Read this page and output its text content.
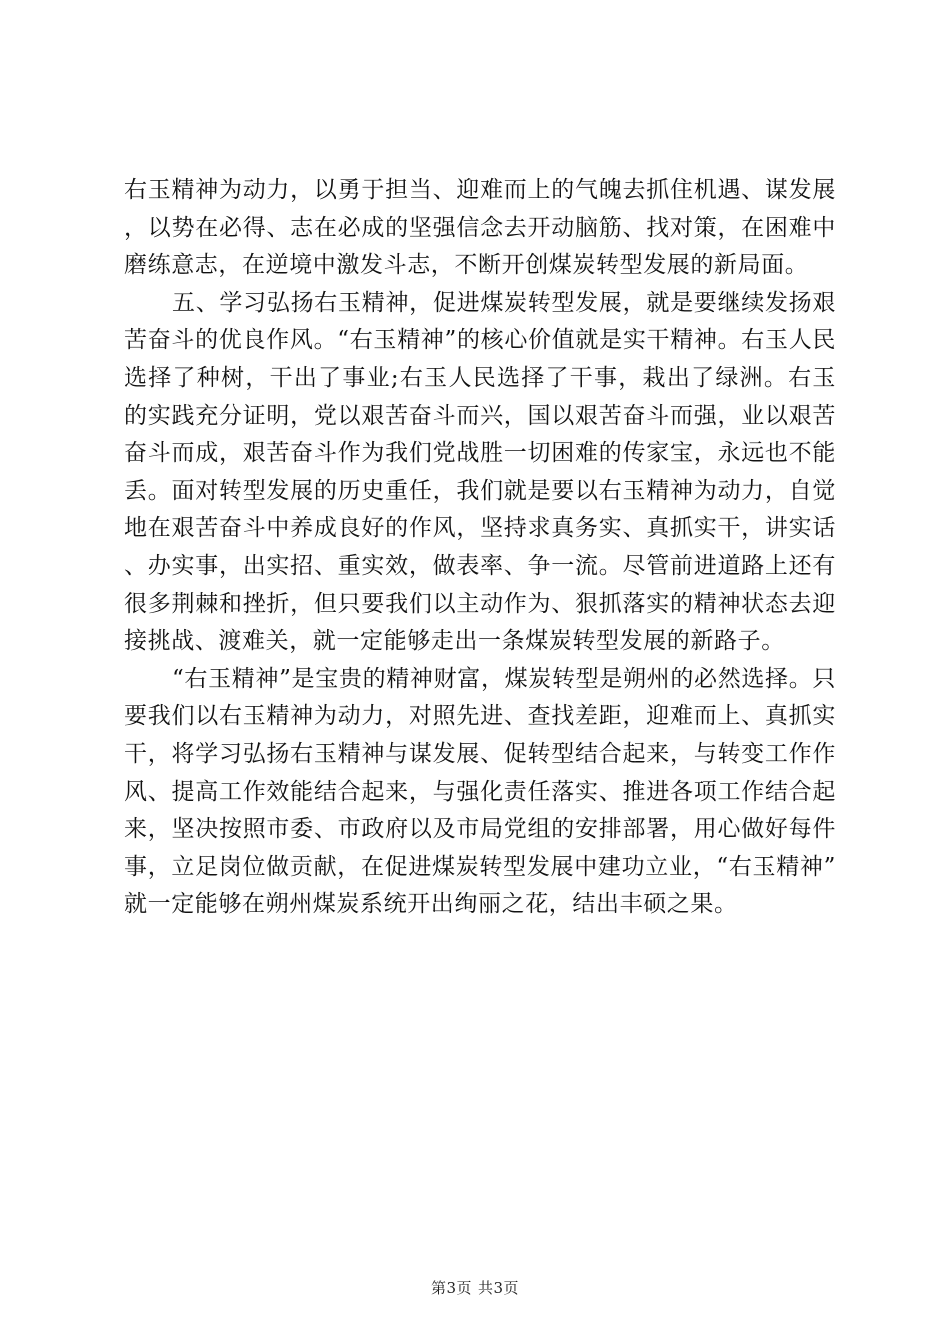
右玉精神为动力，以勇于担当、迎难而上的气魄去抓住机遇、谋发展，以势在必得、志在必成的坚强信念去开动脑筋、找对策，在困难中磨练意志，在逆境中激发斗志，不断开创煤炭转型发展的新局面。

五、学习弘扬右玉精神，促进煤炭转型发展，就是要继续发扬艰苦奋斗的优良作风。“右玉精神”的核心价值就是实干精神。右玉人民选择了种树，干出了事业;右玉人民选择了干事，栽出了绿洲。右玉的实践充分证明，党以艰苦奋斗而兴，国以艰苦奋斗而强，业以艰苦奋斗而成，艰苦奋斗作为我们党战胜一切困难的传家宝，永远也不能丢。面对转型发展的历史重任，我们就是要以右玉精神为动力，自觉地在艰苦奋斗中养成良好的作风，坚持求真务实、真抓实干，讲实话、办实事，出实招、重实效，做表率、争一流。尽管前进道路上还有很多荆棘和挫折，但只要我们以主动作为、狠抓落实的精神状态去迎接挑战、渡难关，就一定能够走出一条煤炭转型发展的新路子。

“右玉精神”是宝贵的精神财富，煤炭转型是朔州的必然选择。只要我们以右玉精神为动力，对照先进、查找差距，迎难而上、真抓实干，将学习弘扬右玉精神与谋发展、促转型结合起来，与转变工作作风、提高工作效能结合起来，与强化责任落实、推进各项工作结合起来，坚决按照市委、市政府以及市局党组的安排部署，用心做好每件事，立足岗位做贡献，在促进煤炭转型发展中建功立业，“右玉精神”就一定能够在朔州煤炭系统开出绚丽之花，结出丰硕之果。

第3页 共3页
